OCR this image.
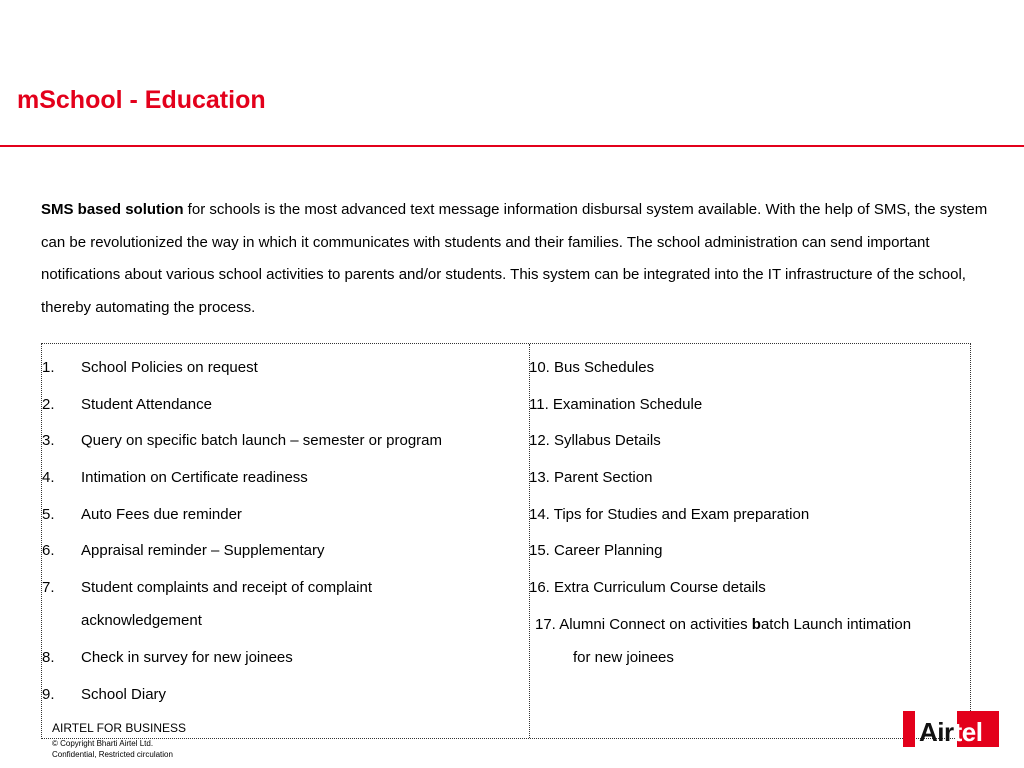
mSchool - Education

SMS based solution for schools is the most advanced text message information disbursal system available. With the help of SMS, the system can be revolutionized the way in which it communicates with students and their families. The school administration can send important notifications about various school activities to parents and/or students. This system can be integrated into the IT infrastructure of the school, thereby automating the process.

1. School Policies on request
2. Student Attendance
3. Query on specific batch launch – semester or program
4. Intimation on Certificate readiness
5. Auto Fees due reminder
6. Appraisal reminder – Supplementary
7. Student complaints and receipt of complaint acknowledgement
8. Check in survey for new joinees
9. School Diary
10. Bus Schedules
11. Examination Schedule
12. Syllabus Details
13. Parent Section
14. Tips for Studies and Exam preparation
15. Career Planning
16. Extra Curriculum Course details
17. Alumni Connect on activities batch Launch intimation
for new joinees
AIRTEL FOR BUSINESS
© Copyright Bharti Airtel Ltd.
Confidential, Restricted circulation
Airtel
